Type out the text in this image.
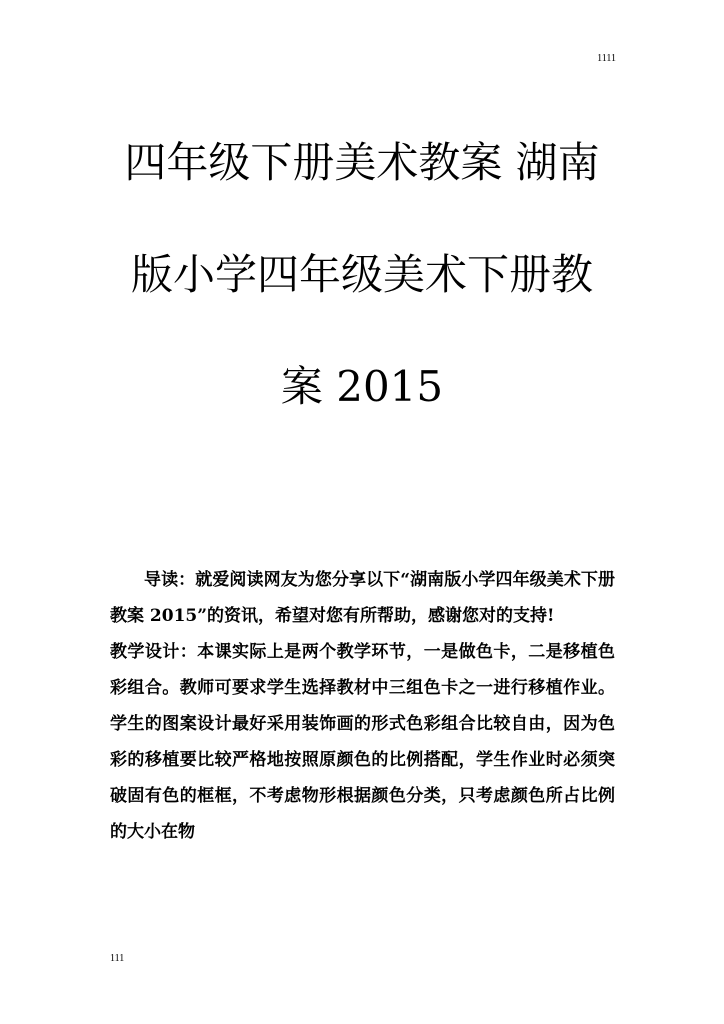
1111
四年级下册美术教案 湖南
版小学四年级美术下册教
案 2015

导读：就爱阅读网友为您分享以下“湖南版小学四年级美术下册教案 2015”的资讯，希望对您有所帮助，感谢您对的支持!

教学设计：本课实际上是两个教学环节，一是做色卡，二是移植色彩组合。教师可要求学生选择教材中三组色卡之一进行移植作业。学生的图案设计最好采用装饰画的形式色彩组合比较自由，因为色彩的移植要比较严格地按照原颜色的比例搭配，学生作业时必须突破固有色的框框，不考虑物形根据颜色分类，只考虑颜色所占比例的大小在物

111
